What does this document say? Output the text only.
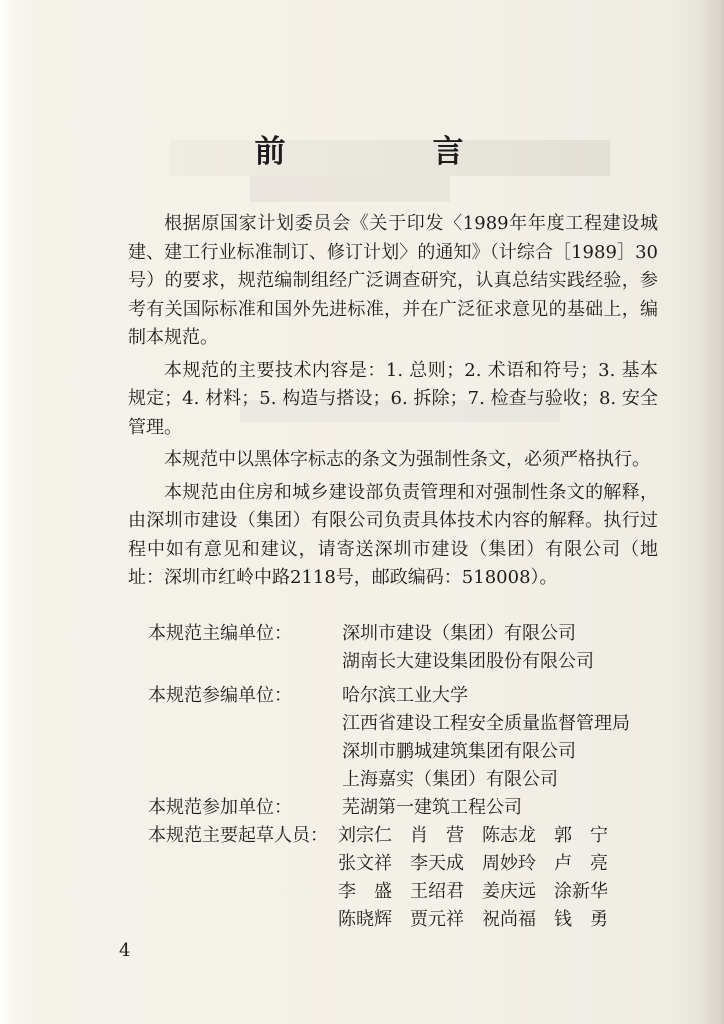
前　言

根据原国家计划委员会《关于印发〈1989年年度工程建设城建、建工行业标准制订、修订计划〉的通知》（计综合［1989］30号）的要求，规范编制组经广泛调查研究，认真总结实践经验，参考有关国际标准和国外先进标准，并在广泛征求意见的基础上，编制本规范。

本规范的主要技术内容是：1. 总则；2. 术语和符号；3. 基本规定；4. 材料；5. 构造与搭设；6. 拆除；7. 检查与验收；8. 安全管理。

本规范中以黑体字标志的条文为强制性条文，必须严格执行。

本规范由住房和城乡建设部负责管理和对强制性条文的解释，由深圳市建设（集团）有限公司负责具体技术内容的解释。执行过程中如有意见和建议，请寄送深圳市建设（集团）有限公司（地址：深圳市红岭中路2118号，邮政编码：518008）。

本规范主编单位：	深圳市建设（集团）有限公司
湖南长大建设集团股份有限公司
本规范参编单位：	哈尔滨工业大学
江西省建设工程安全质量监督管理局
深圳市鹏城建筑集团有限公司
上海嘉实（集团）有限公司
本规范参加单位：	芜湖第一建筑工程公司
本规范主要起草人员： 刘宗仁　肖　营　陈志龙　郭　宁
张文祥　李天成　周妙玲　卢　亮
李　盛　王绍君　姜庆远　涂新华
陈晓辉　贾元祥　祝尚福　钱　勇
4
